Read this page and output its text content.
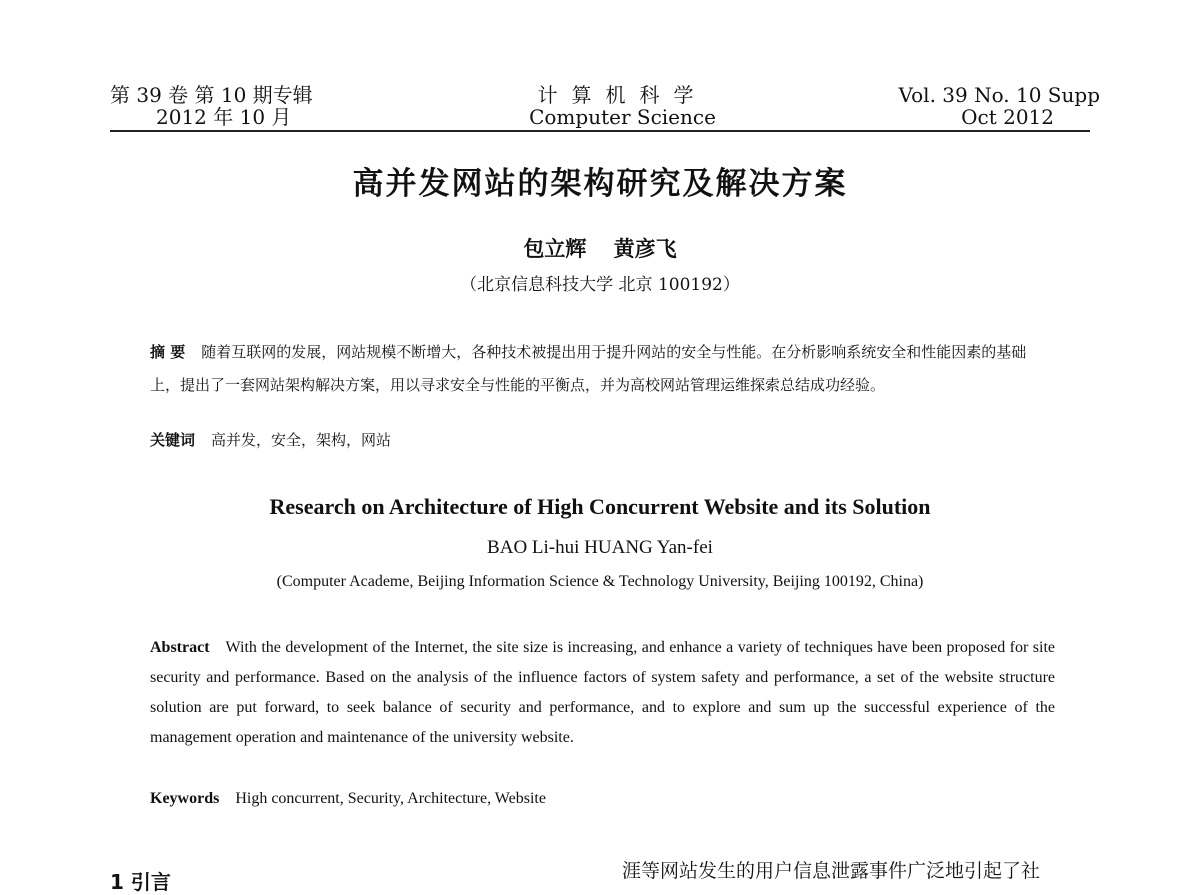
第 39 卷 第 10 期专辑
2012 年 10 月
计算机科学
Computer Science
Vol. 39 No. 10 Supp
Oct 2012
高并发网站的架构研究及解决方案
包立辉 黄彦飞
（北京信息科技大学 北京 100192）
摘 要 随着互联网的发展，网站规模不断增大，各种技术被提出用于提升网站的安全与性能。在分析影响系统安全和性能因素的基础上，提出了一套网站架构解决方案，用以寻求安全与性能的平衡点，并为高校网站管理运维探索总结成功经验。
关键词 高并发，安全，架构，网站
Research on Architecture of High Concurrent Website and its Solution
BAO Li-hui HUANG Yan-fei
(Computer Academe, Beijing Information Science & Technology University, Beijing 100192, China)
Abstract With the development of the Internet, the site size is increasing, and enhance a variety of techniques have been proposed for site security and performance. Based on the analysis of the influence factors of system safety and performance, a set of the website structure solution are put forward, to seek balance of security and performance, and to explore and sum up the successful experience of the management operation and maintenance of the university website.
Keywords High concurrent, Security, Architecture, Website
1 引言	涯等网站发生的用户信息泄露事件广泛地引起了社
